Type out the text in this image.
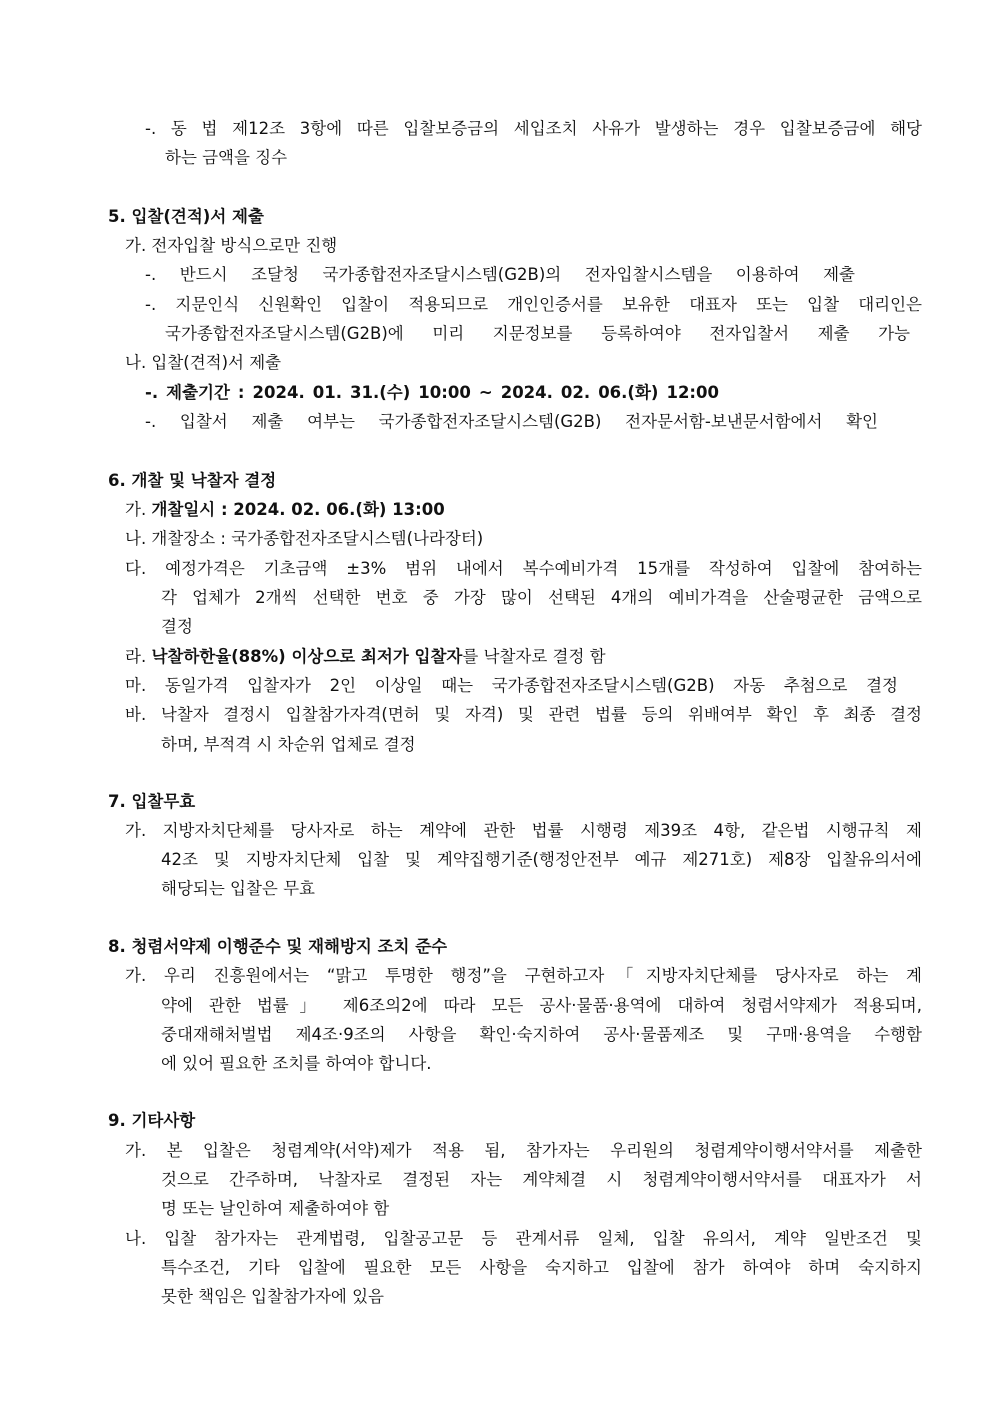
-. 동 법 제12조 3항에 따른 입찰보증금의 세입조치 사유가 발생하는 경우 입찰보증금에 해당
하는 금액을 징수
5. 입찰(견적)서 제출
가. 전자입찰 방식으로만 진행
-. 반드시 조달청 국가종합전자조달시스템(G2B)의 전자입찰시스템을 이용하여 제출
-. 지문인식 신원확인 입찰이 적용되므로 개인인증서를 보유한 대표자 또는 입찰 대리인은
국가종합전자조달시스템(G2B)에 미리 지문정보를 등록하여야 전자입찰서 제출 가능
나. 입찰(견적)서 제출
-. 제출기간 : 2024. 01. 31.(수) 10:00 ~ 2024. 02. 06.(화) 12:00
-. 입찰서 제출 여부는 국가종합전자조달시스템(G2B) 전자문서함-보낸문서함에서 확인
6. 개찰 및 낙찰자 결정
가. 개찰일시 : 2024. 02. 06.(화) 13:00
나. 개찰장소 : 국가종합전자조달시스템(나라장터)
다. 예정가격은 기초금액 ±3% 범위 내에서 복수예비가격 15개를 작성하여 입찰에 참여하는
각 업체가 2개씩 선택한 번호 중 가장 많이 선택된 4개의 예비가격을 산술평균한 금액으로
결정
라. 낙찰하한율(88%) 이상으로 최저가 입찰자를 낙찰자로 결정 함
마. 동일가격 입찰자가 2인 이상일 때는 국가종합전자조달시스템(G2B) 자동 추첨으로 결정
바. 낙찰자 결정시 입찰참가자격(면허 및 자격) 및 관련 법률 등의 위배여부 확인 후 최종 결정
하며, 부적격 시 차순위 업체로 결정
7. 입찰무효
가. 지방자치단체를 당사자로 하는 계약에 관한 법률 시행령 제39조 4항, 같은법 시행규칙 제
42조 및 지방자치단체 입찰 및 계약집행기준(행정안전부 예규 제271호) 제8장 입찰유의서에
해당되는 입찰은 무효
8. 청렴서약제 이행준수 및 재해방지 조치 준수
가. 우리 진흥원에서는 “맑고 투명한 행정”을 구현하고자「지방자치단체를 당사자로 하는 계
약에 관한 법률」 제6조의2에 따라 모든 공사·물품·용역에 대하여 청렴서약제가 적용되며,
중대재해처벌법 제4조·9조의 사항을 확인·숙지하여 공사·물품제조 및 구매·용역을 수행함
에 있어 필요한 조치를 하여야 합니다.
9. 기타사항
가. 본 입찰은 청렴계약(서약)제가 적용 됨, 참가자는 우리원의 청렴계약이행서약서를 제출한
것으로 간주하며, 낙찰자로 결정된 자는 계약체결 시 청렴계약이행서약서를 대표자가 서
명 또는 날인하여 제출하여야 함
나. 입찰 참가자는 관계법령, 입찰공고문 등 관계서류 일체, 입찰 유의서, 계약 일반조건 및
특수조건, 기타 입찰에 필요한 모든 사항을 숙지하고 입찰에 참가 하여야 하며 숙지하지
못한 책임은 입찰참가자에 있음
